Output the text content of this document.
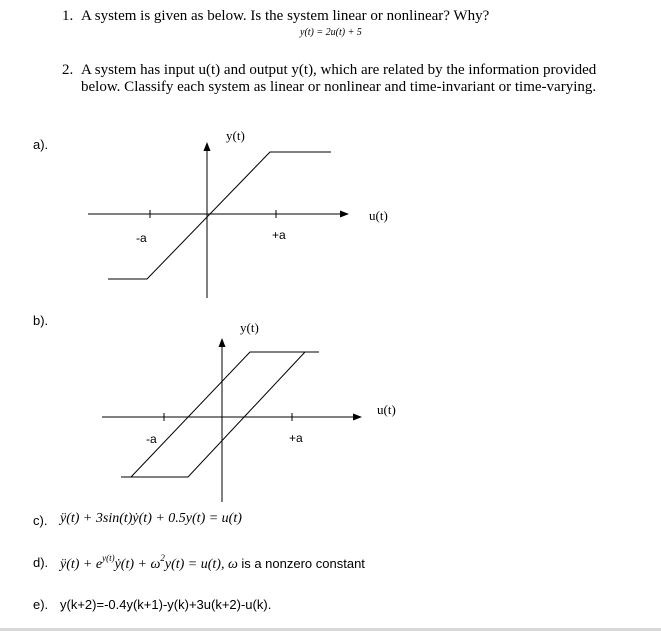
1. A system is given as below. Is the system linear or nonlinear? Why?
y(t) = 2u(t) + 5
2. A system has input u(t) and output y(t), which are related by the information provided
below. Classify each system as linear or nonlinear and time-invariant or time-varying.
a).
y(t)
u(t)
-a	+a
b).	y(t)
u(t)
-a	+a
c). ÿ(t) + 3sin(t)ẏ(t) + 0.5y(t) = u(t)
d). ÿ(t) + $e^{y(t)}ẏ(t) + \omega^2y(t) = u(t)$, ω is a nonzero constant
e). y(k+2)=-0.4y(k+1)-y(k)+3u(k+2)-u(k).
